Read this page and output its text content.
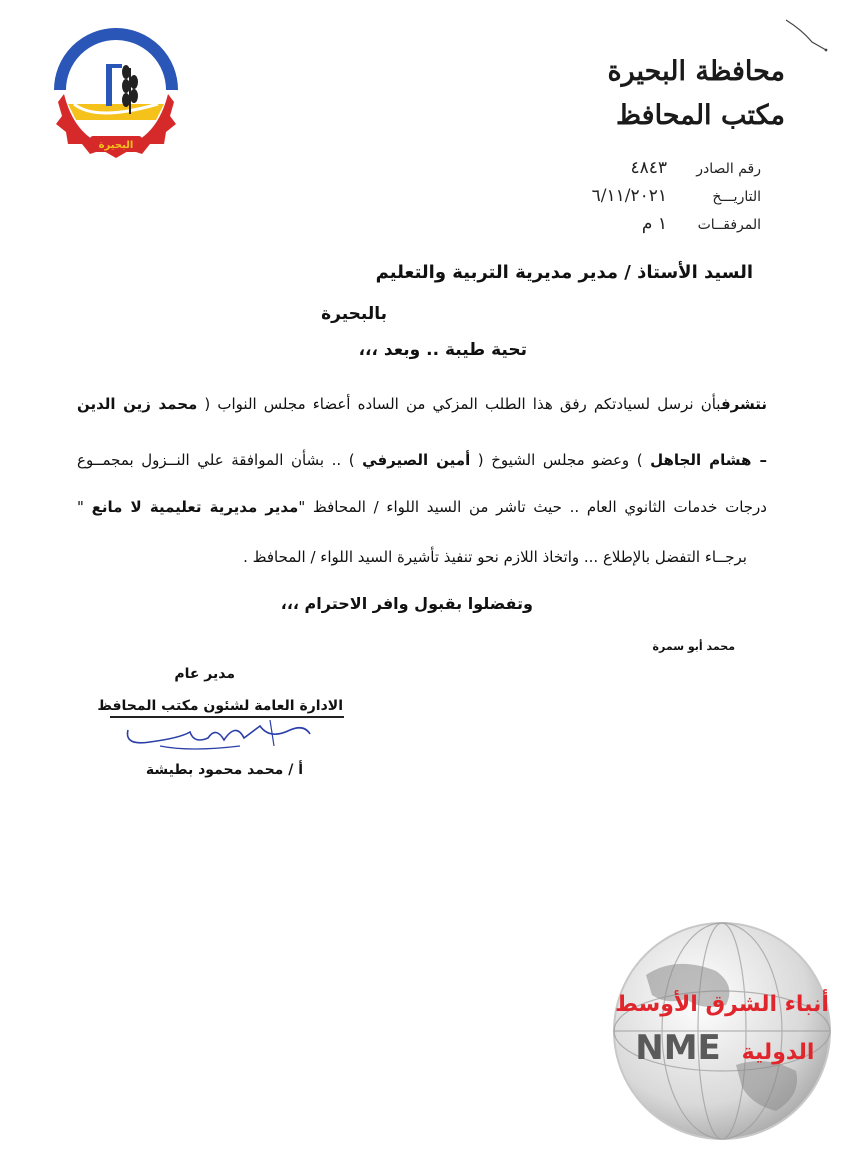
البحيرة
محافظة البحيرة
مكتب المحافظ
رقم الصادر٤٨٤٣
التاريـــخ٦/١١/٢٠٢١
المرفقــات١ م
السيد الأستاذ / مدير مديرية التربية والتعليم
بالبحيرة
تحية طيبة .. وبعد ،،،
نتشرفبأن نرسل لسيادتكم رفق هذا الطلب المزكي من الساده أعضاء مجلس النواب ( محمد زين الدين
– هشام الجاهل ) وعضو مجلس الشيوخ ( أمين الصيرفي ) .. بشأن الموافقة علي النــزول بمجمــوع
درجات خدمات الثانوي العام .. حيث تاشر من السيد اللواء / المحافظ "مدير مديرية تعليمية لا مانع "
برجــاء التفضل بالإطلاع ... واتخاذ اللازم نحو تنفيذ تأشيرة السيد اللواء / المحافظ .
وتفضلوا بقبول وافر الاحترام ،،،
محمد أبو سمرة
مدير عام
الادارة العامة لشئون مكتب المحافظ
أ / محمد محمود بطيشة
أنباء الشرق الأوسط
NME الدولية
